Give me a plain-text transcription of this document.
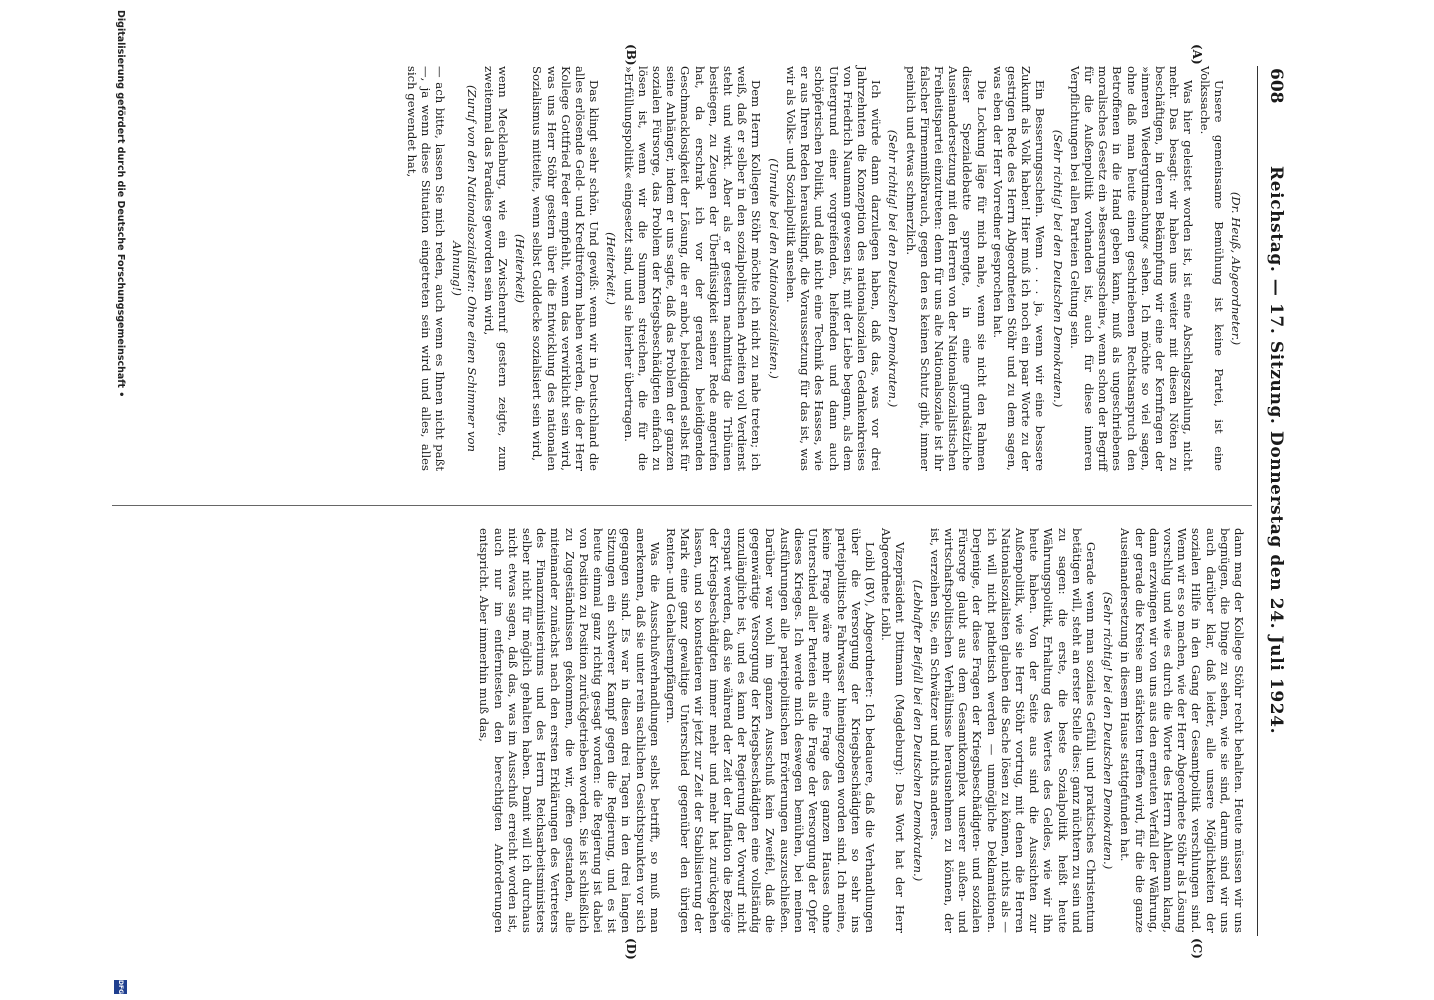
608
Reichstag. — 17. Sitzung. Donnerstag den 24. Juli 1924.
(A)
(B)
(C)
(D)

(Dr. Heuß, Abgeordneter.)

Unsere gemeinsame Bemühung ist keine Partei, ist eine Volkssache.

Was hier geleistet worden ist, ist eine Abschlagszahlung, nicht mehr. Das besagt: wir haben uns weiter mit diesen Nöten zu beschäftigen, in deren Bekämpfung wir eine der Kernfragen der »inneren Wiedergutmachung« sehen. Ich möchte so viel sagen, ohne daß man heute einen geschriebenen Rechtsanspruch den Betroffenen in die Hand geben kann, muß als ungeschriebenes moralisches Gesetz ein »Besserungsschein«, wenn schon der Begriff für die Außenpolitik vorhanden ist, auch für diese inneren Verpflichtungen bei allen Parteien Geltung sein.

(Sehr richtig! bei den Deutschen Demokraten.)

Ein Besserungsschein. Wenn . . . ja, wenn wir eine bessere Zukunft als Volk haben! Hier muß ich noch ein paar Worte zu der gestrigen Rede des Herrn Abgeordneten Stöhr und zu dem sagen, was eben der Herr Vorredner gesprochen hat.

Die Lockung läge für mich nahe, wenn sie nicht den Rahmen dieser Spezialdebatte sprengte, in eine grundsätzliche Auseinandersetzung mit den Herren von der Nationalsozialistischen Freiheitspartei einzutreten: denn für uns alte Nationalsoziale ist ihr falscher Firmenmißbrauch, gegen den es keinen Schutz gibt, immer peinlich und etwas schmerzlich.

(Sehr richtig! bei den Deutschen Demokraten.)

Ich würde dann darzulegen haben, daß das, was vor drei Jahrzehnten die Konzeption des nationalsozialen Gedankenkreises von Friedrich Naumann gewesen ist, mit der Liebe begann, als dem Untergrund einer vorgreifenden, helfenden und dann auch schöpferischen Politik, und daß nicht eine Technik des Hasses, wie er aus Ihren Reden herausklingt, die Voraussetzung für das ist, was wir als Volks- und Sozialpolitik ansehen.

(Unruhe bei den Nationalsozialisten.)

Dem Herrn Kollegen Stöhr möchte ich nicht zu nahe treten; ich weiß, daß er selber in den sozialpolitischen Arbeiten voll Verdienst steht und wirkt. Aber als er gestern nachmittag die Tribünen bestiegen, zu Zeugen der Überflüssigkeit seiner Rede angerufen hat, da erschrak ich vor der geradezu beleidigenden Geschmacklosigkeit der Lösung, die er anbot, beleidigend selbst für seine Anhänger, indem er uns sagte, daß das Problem der ganzen sozialen Fürsorge, das Problem der Kriegsbeschädigten einfach zu lösen ist, wenn wir die Summen streichen, die für die »Erfüllungspolitik« eingesetzt sind, und sie hierher übertragen.

(Heiterkeit.)

Das klingt sehr schön. Und gewiß: wenn wir in Deutschland die alles erlösende Geld- und Kreditreform haben werden, die der Herr Kollege Gottfried Feder empfiehlt, wenn das verwirklicht sein wird, was uns Herr Stöhr gestern über die Entwicklung des nationalen Sozialismus mitteilte, wenn selbst Golddecke sozialisiert sein wird,

(Heiterkeit)

wenn Mecklenburg, wie ein Zwischenruf gestern zeigte, zum zweitenmal das Paradies geworden sein wird,

(Zuruf von den Nationalsozialisten: Ohne einen Schimmer von Ahnung!)

— ach bitte, lassen Sie mich reden, auch wenn es Ihnen nicht paßt —, ja wenn diese Situation eingetreten sein wird und alles, alles sich gewendet hat,

dann mag der Kollege Stöhr recht behalten. Heute müssen wir uns begnügen, die Dinge zu sehen, wie sie sind, darum sind wir uns auch darüber klar, daß leider, alle unsere Möglichkeiten der sozialen Hilfe in den Gang der Gesamtpolitik verschlungen sind. Wenn wir es so machen, wie der Herr Abgeordnete Stöhr als Lösung vorschlug und wie es durch die Worte des Herrn Ahlemann klang, dann erzwingen wir von uns aus den erneuten Verfall der Währung, der gerade die Kreise am stärksten treffen wird, für die die ganze Auseinandersetzung in diesem Hause stattgefunden hat.

(Sehr richtig! bei den Deutschen Demokraten.)

Gerade wenn man soziales Gefühl und praktisches Christentum betätigen will, steht an erster Stelle dies: ganz nüchtern zu sein und zu sagen: die erste, die beste Sozialpolitik heißt heute Währungspolitik, Erhaltung des Wertes des Geldes, wie wir ihn heute haben. Von der Seite aus sind die Aussichten zur Außenpolitik, wie sie Herr Stöhr vortrug, mit denen die Herren Nationalsozialisten glauben die Sache lösen zu können, nichts als — ich will nicht pathetisch werden — unmögliche Deklamationen. Derjenige, der diese Fragen der Kriegsbeschädigten- und sozialen Fürsorge glaubt aus dem Gesamtkomplex unserer außen- und wirtschaftspolitischen Verhältnisse herausnehmen zu können, der ist, verzeihen Sie, ein Schwätzer und nichts anderes.

(Lebhafter Beifall bei den Deutschen Demokraten.)

Vizepräsident Dittmann (Magdeburg): Das Wort hat der Herr Abgeordnete Loibl.

Loibl (BV), Abgeordneter: Ich bedauere, daß die Verhandlungen über die Versorgung der Kriegsbeschädigten so sehr ins parteipolitische Fahrwasser hineingezogen worden sind. Ich meine, keine Frage wäre mehr eine Frage des ganzen Hauses ohne Unterschied aller Parteien als die Frage der Versorgung der Opfer dieses Krieges. Ich werde mich deswegen bemühen, bei meinen Ausführungen alle parteipolitischen Erörterungen auszuschließen. Darüber war wohl im ganzen Ausschuß kein Zweifel, daß die gegenwärtige Versorgung der Kriegsbeschädigten eine vollständig unzulängliche ist, und es kann der Regierung der Vorwurf nicht erspart werden, daß sie während der Zeit der Inflation die Bezüge der Kriegsbeschädigten immer mehr und mehr hat zurückgehen lassen, und so konstatieren wir jetzt zur Zeit der Stabilisierung der Mark eine ganz gewaltige Unterschied gegenüber den übrigen Renten- und Gehaltsempfängern.

Was die Ausschußverhandlungen selbst betrifft, so muß man anerkennen, daß sie unter rein sachlichen Gesichtspunkten vor sich gegangen sind. Es war in diesen drei Tagen in den drei langen Sitzungen ein schwerer Kampf gegen die Regierung, und es ist heute einmal ganz richtig gesagt worden: die Regierung ist dabei von Position zu Position zurückgetrieben worden. Sie ist schließlich zu Zugeständnissen gekommen, die wir, offen gestanden, alle miteinander zunächst nach den ersten Erklärungen des Vertreters des Finanzministeriums und des Herrn Reichsarbeitsministers selber nicht für möglich gehalten haben. Damit will ich durchaus nicht etwas sagen, daß das, was im Ausschuß erreicht worden ist, auch nur im entferntesten den berechtigten Anforderungen entspricht. Aber immerhin muß das,

Digitalisierung gefördert durch die Deutsche Forschungsgemeinschaft •
DFG
